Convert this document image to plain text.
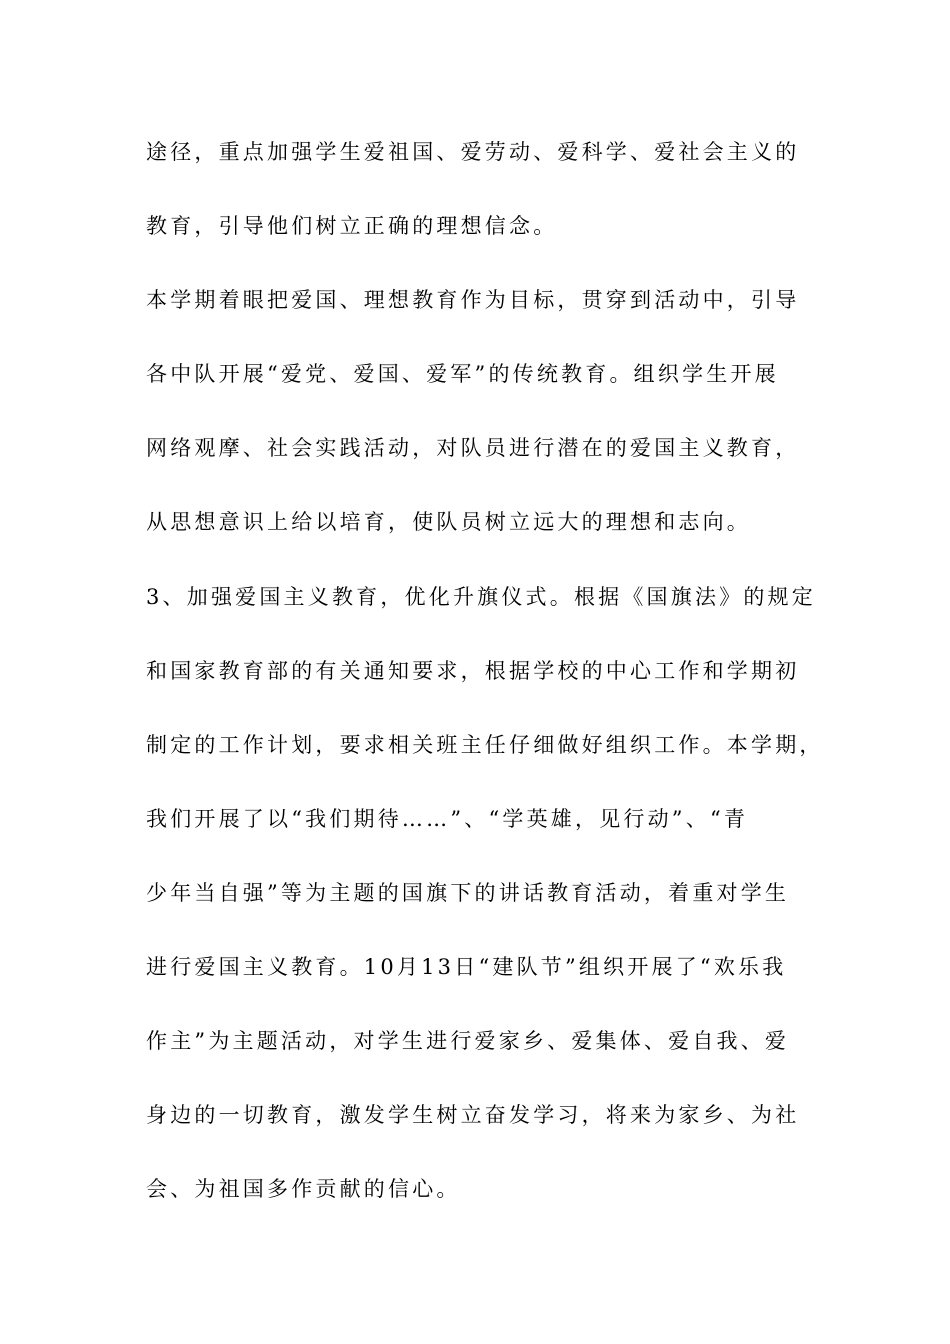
途径，重点加强学生爱祖国、爱劳动、爱科学、爱社会主义的
教育，引导他们树立正确的理想信念。
本学期着眼把爱国、理想教育作为目标，贯穿到活动中，引导
各中队开展“爱党、爱国、爱军”的传统教育。组织学生开展
网络观摩、社会实践活动，对队员进行潜在的爱国主义教育，
从思想意识上给以培育，使队员树立远大的理想和志向。
3、加强爱国主义教育，优化升旗仪式。根据《国旗法》的规定
和国家教育部的有关通知要求，根据学校的中心工作和学期初
制定的工作计划，要求相关班主任仔细做好组织工作。本学期，
我们开展了以“我们期待……”、“学英雄，见行动”、“青
少年当自强”等为主题的国旗下的讲话教育活动，着重对学生
进行爱国主义教育。10月13日“建队节”组织开展了“欢乐我
作主”为主题活动，对学生进行爱家乡、爱集体、爱自我、爱
身边的一切教育，激发学生树立奋发学习，将来为家乡、为社
会、为祖国多作贡献的信心。
